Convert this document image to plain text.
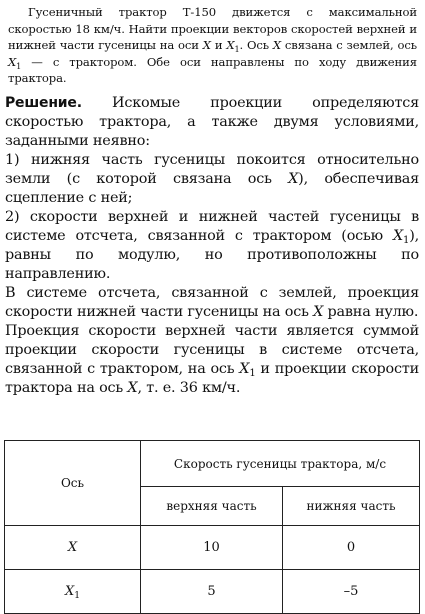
Гусеничный трактор Т-150 движется с максимальной скоростью 18 км/ч. Найти проекции векторов скоростей верхней и нижней части гусеницы на оси X и $X_1$. Ось X связана с землей, ось $X_1$ — с трактором. Обе оси направлены по ходу движения трактора.

Решение. Искомые проекции определяются скоростью трактора, а также двумя условиями, заданными неявно:

1) нижняя часть гусеницы покоится относительно земли (с которой связана ось X), обеспечивая сцепление с ней;

2) скорости верхней и нижней частей гусеницы в системе отсчета, связанной с трактором (осью $X_1$), равны по модулю, но противоположны по направлению.

В системе отсчета, связанной с землей, проекция скорости нижней части гусеницы на ось X равна нулю.

Проекция скорости верхней части является суммой проекции скорости гусеницы в системе отсчета, связанной с трактором, на ось $X_1$ и проекции скорости трактора на ось X, т. е. 36 км/ч.

Ось	Скорость гусеницы трактора, м/с	
	верхняя часть	нижняя часть
X	10	0
$X_1$	5	–5
